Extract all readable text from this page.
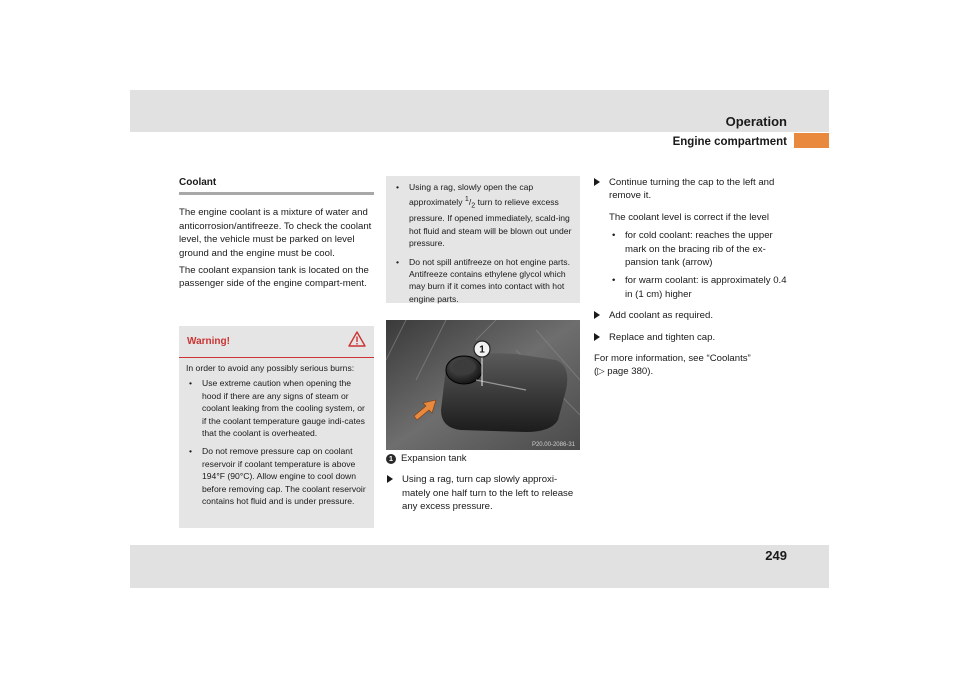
Operation
Engine compartment
249
Coolant

The engine coolant is a mixture of water and anticorrosion/antifreeze. To check the coolant level, the vehicle must be parked on level ground and the engine must be cool.

The coolant expansion tank is located on the passenger side of the engine compart-ment.

Warning!

In order to avoid any possibly serious burns:

• Use extreme caution when opening the hood if there are any signs of steam or coolant leaking from the cooling system, or if the coolant temperature gauge indi-cates that the coolant is overheated.
• Do not remove pressure cap on coolant reservoir if coolant temperature is above 194°F (90°C). Allow engine to cool down before removing cap. The coolant reservoir contains hot fluid and is under pressure.
• Using a rag, slowly open the cap approximately $^1/_2$ turn to relieve excess pressure. If opened immediately, scald-ing hot fluid and steam will be blown out under pressure.
• Do not spill antifreeze on hot engine parts. Antifreeze contains ethylene glycol which may burn if it comes into contact with hot engine parts.
1
P20.00-2086-31
1 Expansion tank
Using a rag, turn cap slowly approxi-mately one half turn to the left to release any excess pressure.
Continue turning the cap to the left and remove it.
The coolant level is correct if the level
• for cold coolant: reaches the upper mark on the bracing rib of the ex-pansion tank (arrow)
• for warm coolant: is approximately 0.4 in (1 cm) higher
Add coolant as required.
Replace and tighten cap.
For more information, see “Coolants”
(▷ page 380).
